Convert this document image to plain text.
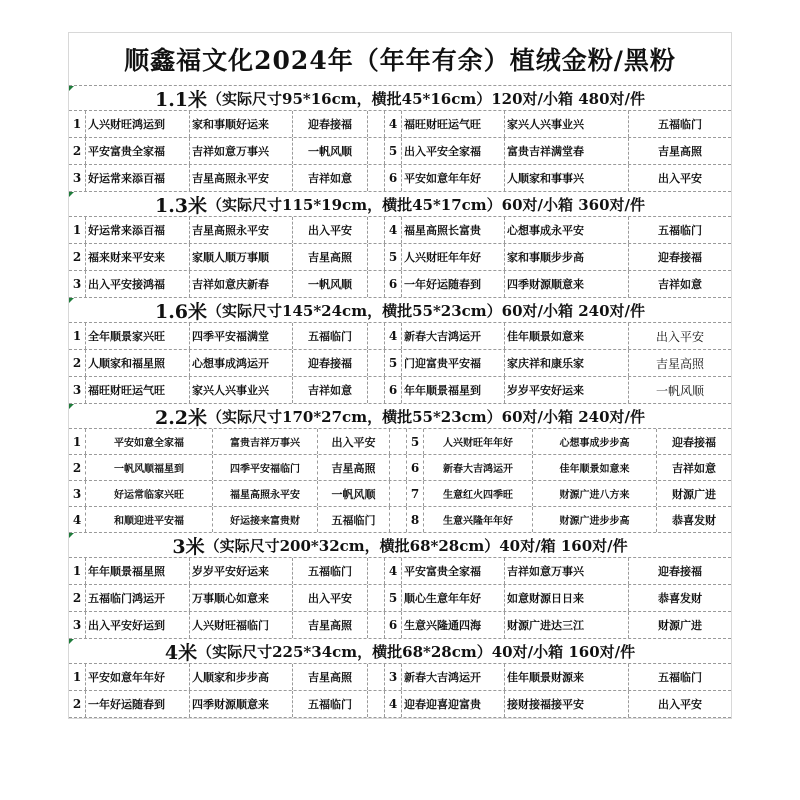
顺鑫福文化2024年（年年有余）植绒金粉/黑粉
1.1米 （实际尺寸95*16cm，横批45*16cm）120对/小箱 480对/件
1 人兴财旺鸿运到	家和事顺好运来	迎春接福	4 福旺财旺运气旺	家兴人兴事业兴	五福临门
2 平安富贵全家福	吉祥如意万事兴	一帆风顺	5 出入平安全家福	富贵吉祥满堂春	吉星高照
3 好运常来添百福	吉星高照永平安	吉祥如意	6 平安如意年年好	人顺家和事事兴	出入平安
1.3米 （实际尺寸115*19cm，横批45*17cm）60对/小箱 360对/件
1 好运常来添百福	吉星高照永平安	出入平安	4 福星高照长富贵	心想事成永平安	五福临门
2 福来财来平安来	家顺人顺万事顺	吉星高照	5 人兴财旺年年好	家和事顺步步高	迎春接福
3 出入平安接鸿福	吉祥如意庆新春	一帆风顺	6 一年好运随春到	四季财源顺意来	吉祥如意
1.6米 （实际尺寸145*24cm，横批55*23cm）60对/小箱 240对/件
1 全年顺景家兴旺	四季平安福满堂	五福临门	4 新春大吉鸿运开	佳年顺景如意来	出入平安
2 人顺家和福星照	心想事成鸿运开	迎春接福	5 门迎富贵平安福	家庆祥和康乐家	吉星高照
3 福旺财旺运气旺	家兴人兴事业兴	吉祥如意	6 年年顺景福星到	岁岁平安好运来	一帆风顺
2.2米 （实际尺寸170*27cm，横批55*23cm）60对/小箱 240对/件
1	平安如意全家福	富贵吉祥万事兴	出入平安	5	人兴财旺年年好	心想事成步步高	迎春接福
2	一帆风顺福星到	四季平安福临门	吉星高照	6	新春大吉鸿运开	佳年顺景如意来	吉祥如意
3	好运常临家兴旺	福星高照永平安	一帆风顺	7	生意红火四季旺	财源广进八方来	财源广进
4	和顺迎进平安福	好运接来富贵财	五福临门	8	生意兴隆年年好	财源广进步步高	恭喜发财
3米 （实际尺寸200*32cm，横批68*28cm）40对/箱 160对/件
1 年年顺景福星照	岁岁平安好运来	五福临门	4 平安富贵全家福	吉祥如意万事兴	迎春接福
2 五福临门鸿运开	万事顺心如意来	出入平安	5 顺心生意年年好	如意财源日日来	恭喜发财
3 出入平安好运到	人兴财旺福临门	吉星高照	6 生意兴隆通四海	财源广进达三江	财源广进
4米 （实际尺寸225*34cm，横批68*28cm）40对/小箱 160对/件
1 平安如意年年好	人顺家和步步高	吉星高照	3 新春大吉鸿运开	佳年顺景财源来	五福临门
2 一年好运随春到	四季财源顺意来	五福临门	4 迎春迎喜迎富贵	接财接福接平安	出入平安
